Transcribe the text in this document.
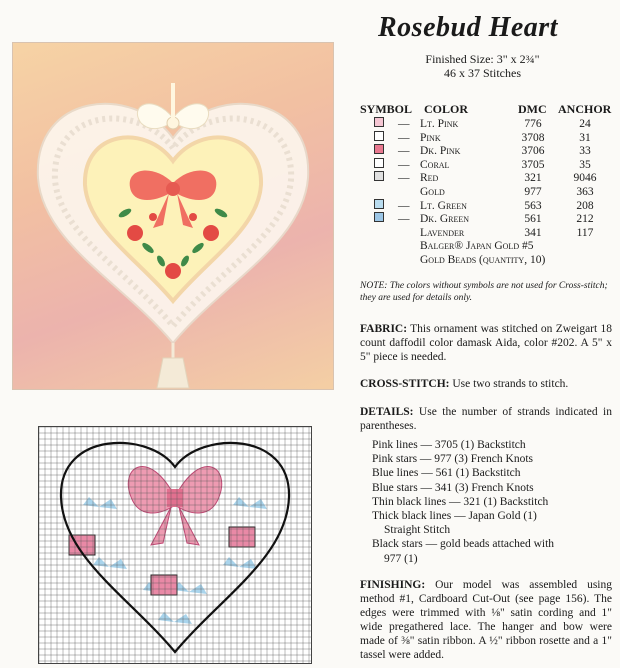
Rosebud Heart
Finished Size: 3" x 2¾"
46 x 37 Stitches
SYMBOL COLOR	DMC ANCHOR
— Lt. Pink	776	24
— Pink	3708	31
— Dk. Pink	3706	33
— Coral	3705	35
— Red	321	9046
Gold	977	363
— Lt. Green	563	208
— Dk. Green	561	212
Lavender	341	117
Balger® Japan Gold #5
Gold Beads (quantity, 10)
NOTE: The colors without symbols are not used for Cross-stitch; they are used for details only.
FABRIC: This ornament was stitched on Zweigart 18 count daffodil color damask Aida, color #202. A 5" x 5" piece is needed.
CROSS-STITCH: Use two strands to stitch.
DETAILS: Use the number of strands indicated in parentheses.
Pink lines — 3705 (1) Backstitch
Pink stars — 977 (3) French Knots
Blue lines — 561 (1) Backstitch
Blue stars — 341 (3) French Knots
Thin black lines — 321 (1) Backstitch
Thick black lines — Japan Gold (1)
Straight Stitch
Black stars — gold beads attached with
977 (1)
FINISHING: Our model was assembled using method #1, Cardboard Cut-Out (see page 156). The edges were trimmed with ⅛" satin cording and 1" wide pregathered lace. The hanger and bow were made of ⅜" satin ribbon. A ½" ribbon rosette and a 1" tassel were added.
